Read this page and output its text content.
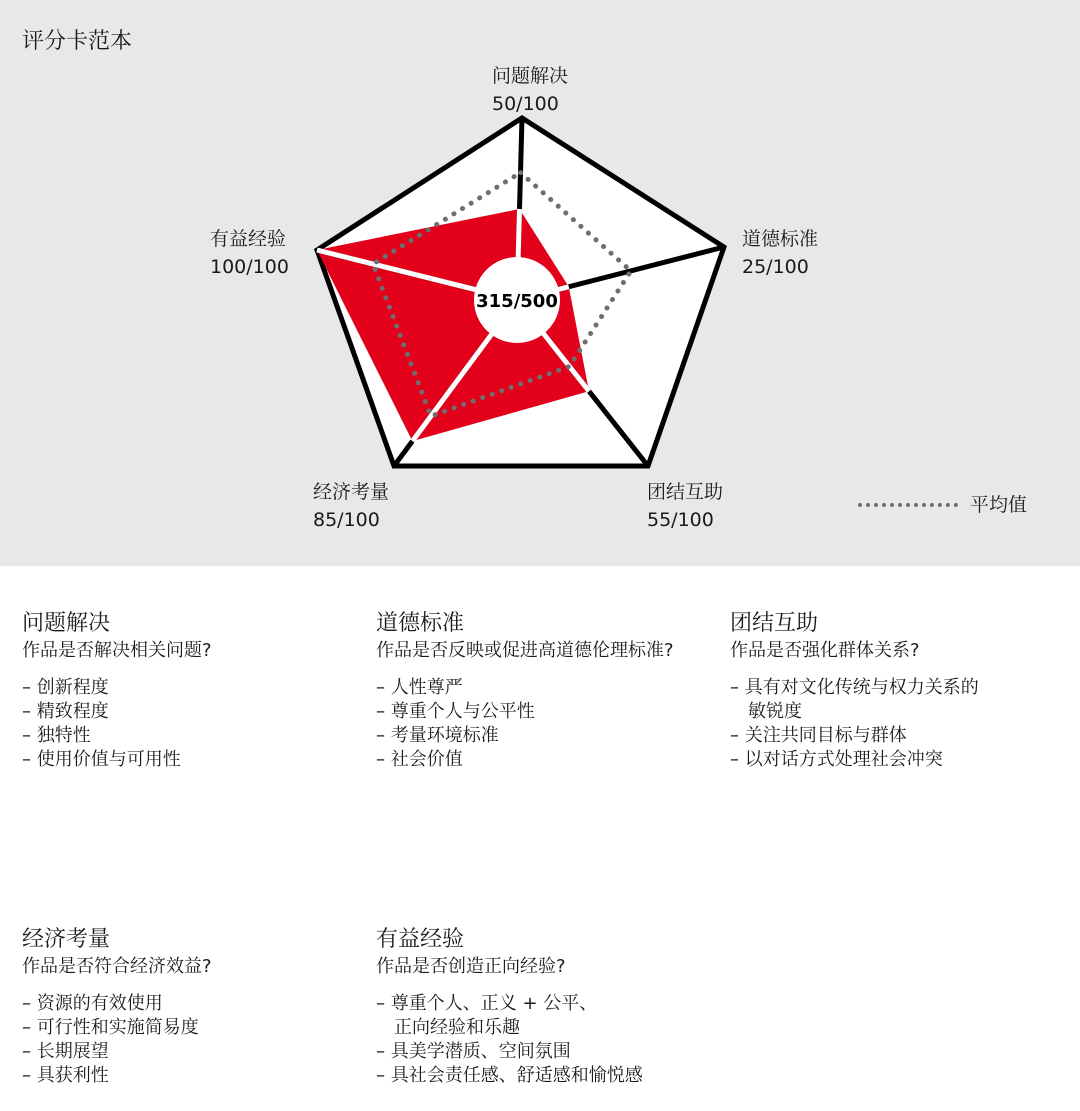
评分卡范本
315/500
问题解决
50/100
道德标准
25/100
团结互助
55/100
经济考量
85/100
有益经验
100/100
平均值
问题解决
作品是否解决相关问题?
– 创新程度
– 精致程度
– 独特性
– 使用价值与可用性
道德标准
作品是否反映或促进高道德伦理标准?
– 人性尊严
– 尊重个人与公平性
– 考量环境标准
– 社会价值
团结互助
作品是否强化群体关系?
– 具有对文化传统与权力关系的
敏锐度
– 关注共同目标与群体
– 以对话方式处理社会冲突
经济考量
作品是否符合经济效益?
– 资源的有效使用
– 可行性和实施简易度
– 长期展望
– 具获利性
有益经验
作品是否创造正向经验?
– 尊重个人、正义 + 公平、
正向经验和乐趣
– 具美学潜质、空间氛围
– 具社会责任感、舒适感和愉悦感
